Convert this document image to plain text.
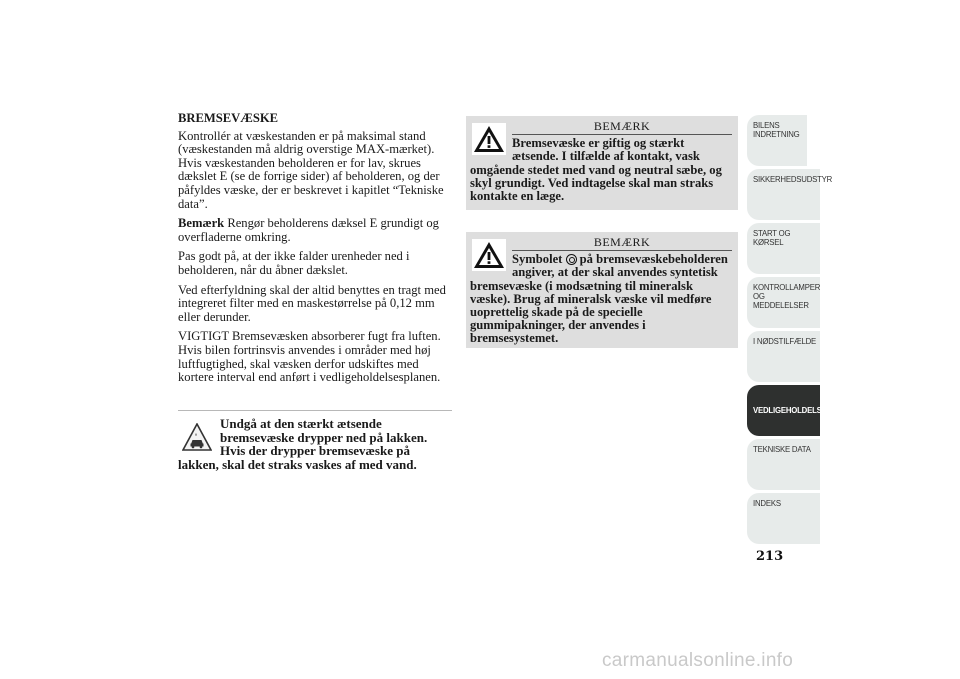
BREMSEVÆSKE

Kontrollér at væskestanden er på maksimal stand (væskestanden må aldrig overstige MAX-mærket). Hvis væskestanden beholderen er for lav, skrues dækslet E (se de forrige sider) af beholderen, og der påfyldes væske, der er beskrevet i kapitlet “Tekniske data”.

Bemærk Rengør beholderens dæksel E grundigt og overfladerne omkring.

Pas godt på, at der ikke falder urenheder ned i beholderen, når du åbner dækslet.

Ved efterfyldning skal der altid benyttes en tragt med integreret filter med en maskestørrelse på 0,12 mm eller derunder.

VIGTIGT Bremsevæsken absorberer fugt fra luften. Hvis bilen fortrinsvis anvendes i områder med høj luftfugtighed, skal væsken derfor udskiftes med kortere interval end anført i vedligeholdelsesplanen.

Undgå at den stærkt ætsende bremsevæske drypper ned på lakken. Hvis der drypper bremsevæske på lakken, skal det straks vaskes af med vand.
BEMÆRK
Bremsevæske er giftig og stærkt ætsende. I tilfælde af kontakt, vask omgående stedet med vand og neutral sæbe, og skyl grundigt. Ved indtagelse skal man straks kontakte en læge.
BEMÆRK
Symbolet  på bremsevæskebeholderen angiver, at der skal anvendes syntetisk bremsevæske (i modsætning til mineralsk væske). Brug af mineralsk væske vil medføre uoprettelig skade på de specielle gummipakninger, der anvendes i bremsesystemet.
BILENS INDRETNING
SIKKERHEDSUDSTYR
START OG KØRSEL
KONTROLLAMPER OG MEDDELELSER
I NØDSTILFÆLDE
VEDLIGEHOLDELSE
TEKNISKE DATA
INDEKS
213
carmanualsonline.info
